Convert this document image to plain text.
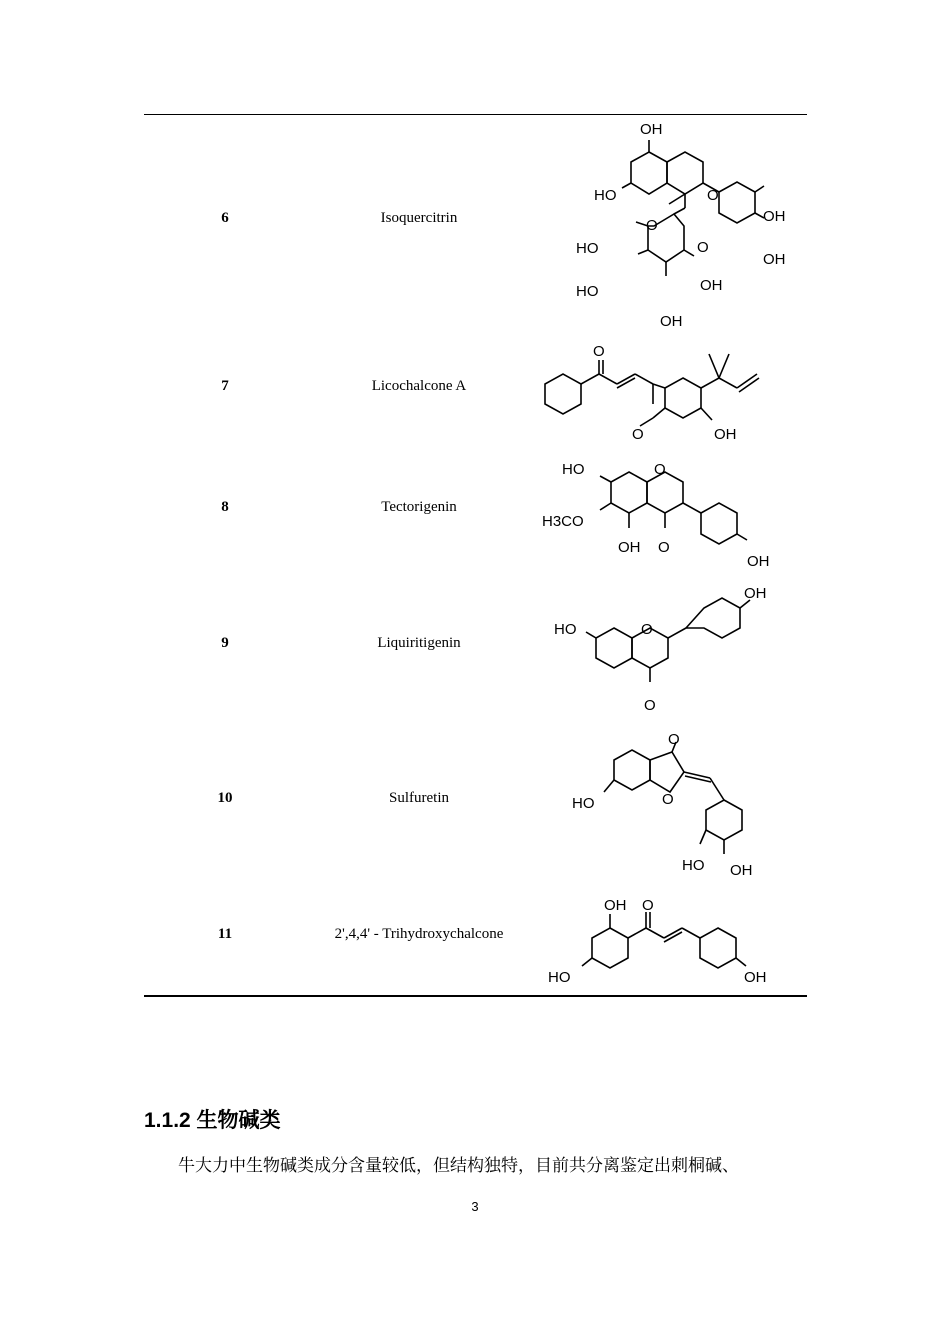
6	Isoquercitrin
OH
HO	O
O
OH
OH
O
HO
HO	OH
OH
7	Licochalcone A
O
O	OH
8	Tectorigenin
HO	O
H3CO
OH O
OH
9	Liquiritigenin
HO	O
OH
O
10	Sulfuretin
O
HO	O
HO OH
11	2',4,4' - Trihydroxychalcone
OH O
HO	OH
1.1.2 生物碱类
牛大力中生物碱类成分含量较低，但结构独特，目前共分离鉴定出刺桐碱、
3
